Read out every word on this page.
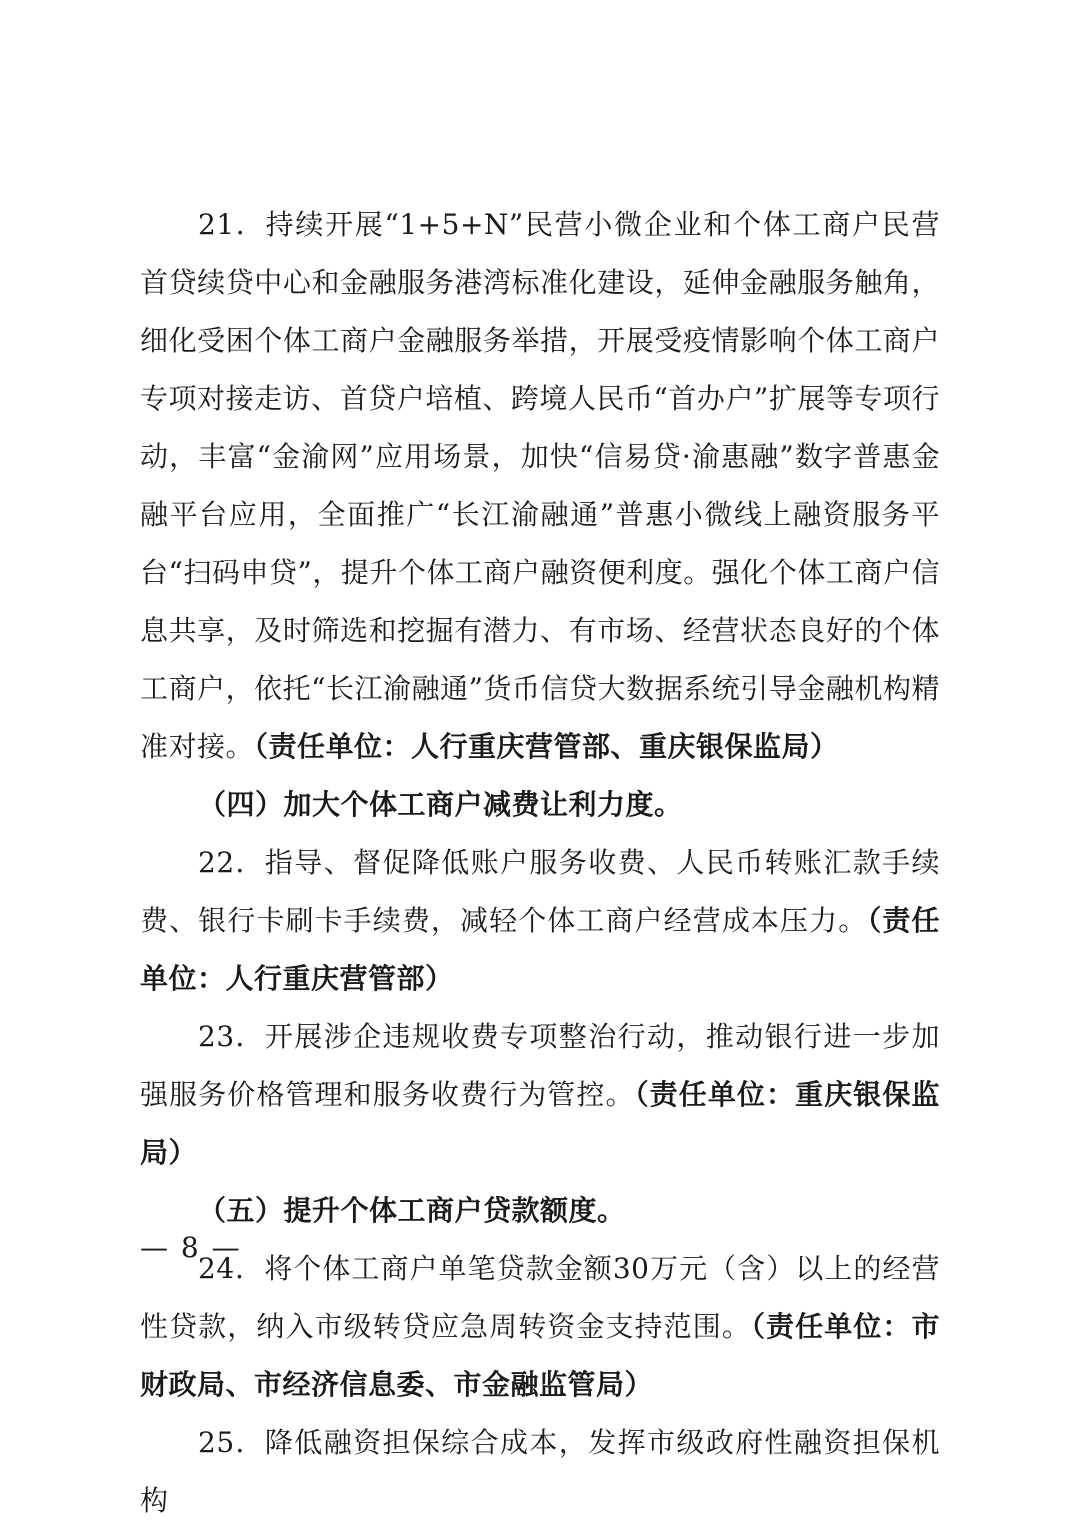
21．持续开展“1+5+N”民营小微企业和个体工商户民营首贷续贷中心和金融服务港湾标准化建设，延伸金融服务触角，细化受困个体工商户金融服务举措，开展受疫情影响个体工商户专项对接走访、首贷户培植、跨境人民币“首办户”扩展等专项行动，丰富“金渝网”应用场景，加快“信易贷·渝惠融”数字普惠金融平台应用，全面推广“长江渝融通”普惠小微线上融资服务平台“扫码申贷”，提升个体工商户融资便利度。强化个体工商户信息共享，及时筛选和挖掘有潜力、有市场、经营状态良好的个体工商户，依托“长江渝融通”货币信贷大数据系统引导金融机构精准对接。（责任单位：人行重庆营管部、重庆银保监局）

（四）加大个体工商户减费让利力度。

22．指导、督促降低账户服务收费、人民币转账汇款手续费、银行卡刷卡手续费，减轻个体工商户经营成本压力。（责任单位：人行重庆营管部）

23．开展涉企违规收费专项整治行动，推动银行进一步加强服务价格管理和服务收费行为管控。（责任单位：重庆银保监局）

（五）提升个体工商户贷款额度。

24．将个体工商户单笔贷款金额30万元（含）以上的经营性贷款，纳入市级转贷应急周转资金支持范围。（责任单位：市财政局、市经济信息委、市金融监管局）

25．降低融资担保综合成本，发挥市级政府性融资担保机构

— 8 —
